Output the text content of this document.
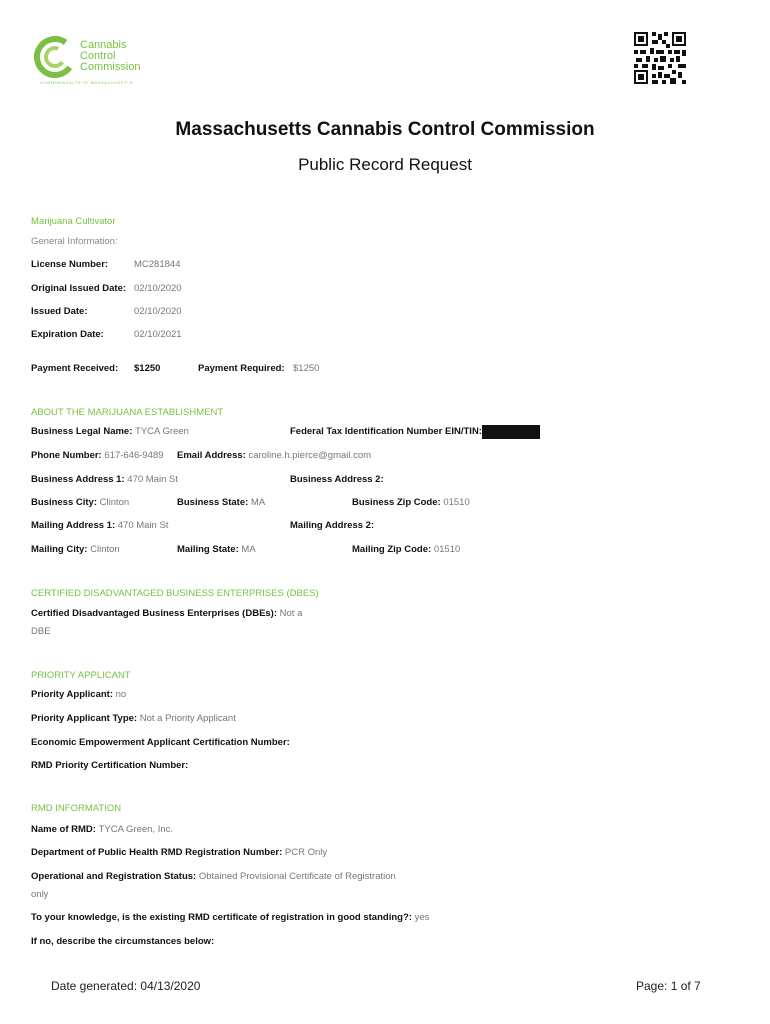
Cannabis
Control
Commission
COMMONWEALTH OF MASSACHUSETTS
Massachusetts Cannabis Control Commission
Public Record Request
Marijuana Cultivator
General Information:
License Number:	MC281844
Original Issued Date: 02/10/2020
Issued Date:	02/10/2020
Expiration Date:	02/10/2021
Payment Received: $1250	Payment Required: $1250
ABOUT THE MARIJUANA ESTABLISHMENT
Business Legal Name: TYCA Green	Federal Tax Identification Number EIN/TIN:
Phone Number: 617-646-9489 Email Address: caroline.h.pierce@gmail.com
Business Address 1: 470 Main St	Business Address 2:
Business City: Clinton	Business State: MA	Business Zip Code: 01510
Mailing Address 1: 470 Main St	Mailing Address 2:
Mailing City: Clinton	Mailing State: MA	Mailing Zip Code: 01510
CERTIFIED DISADVANTAGED BUSINESS ENTERPRISES (DBES)
Certified Disadvantaged Business Enterprises (DBEs): Not a
DBE
PRIORITY APPLICANT
Priority Applicant: no
Priority Applicant Type: Not a Priority Applicant
Economic Empowerment Applicant Certification Number:
RMD Priority Certification Number:
RMD INFORMATION
Name of RMD: TYCA Green, Inc.
Department of Public Health RMD Registration Number: PCR Only
Operational and Registration Status: Obtained Provisional Certificate of Registration
only
To your knowledge, is the existing RMD certificate of registration in good standing?: yes
If no, describe the circumstances below:
Date generated: 04/13/2020	Page: 1 of 7
